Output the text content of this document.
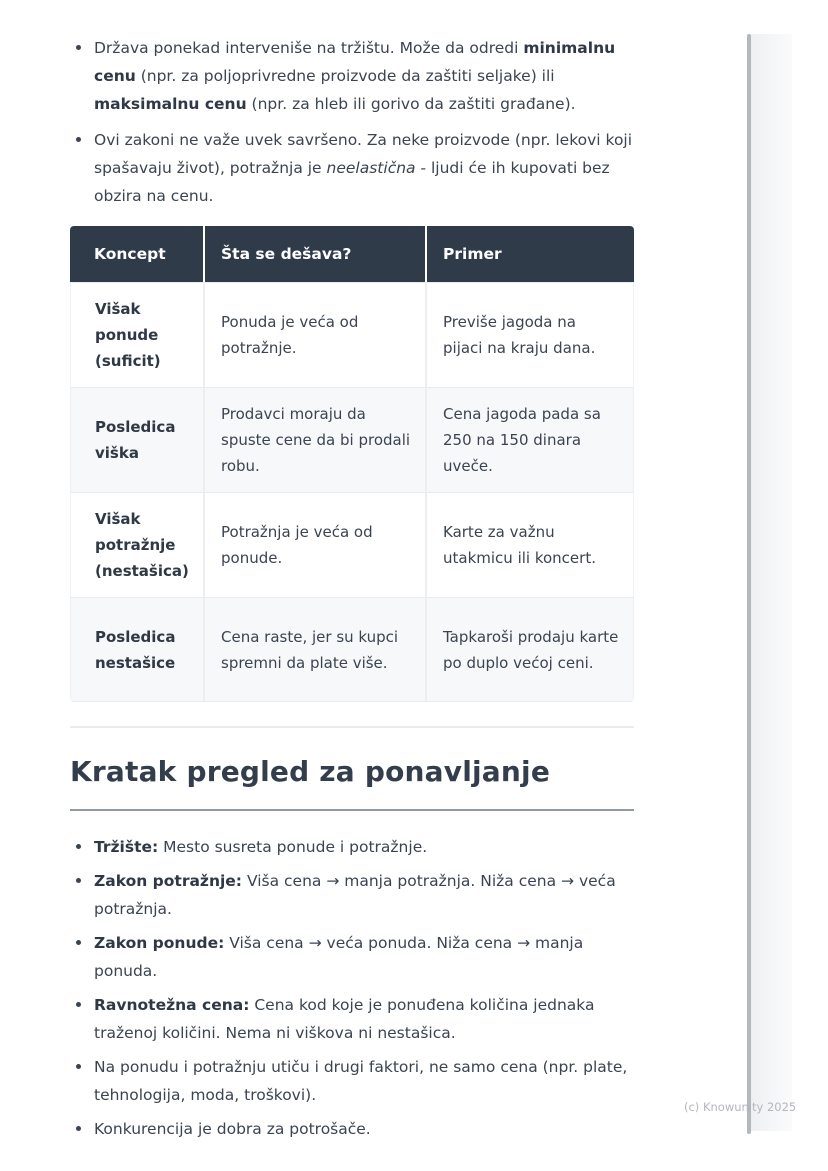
Država ponekad interveniše na tržištu. Može da odredi minimalnu cenu (npr. za poljoprivredne proizvode da zaštiti seljake) ili maksimalnu cenu (npr. za hleb ili gorivo da zaštiti građane).
Ovi zakoni ne važe uvek savršeno. Za neke proizvode (npr. lekovi koji spašavaju život), potražnja je neelastična - ljudi će ih kupovati bez obzira na cenu.
Koncept	Šta se dešava?	Primer
Višak ponude (suficit)	Ponuda je veća od potražnje.	Previše jagoda na pijaci na kraju dana.
Posledica viška	Prodavci moraju da spuste cene da bi prodali robu.	Cena jagoda pada sa 250 na 150 dinara uveče.
Višak potražnje (nestašica)	Potražnja je veća od ponude.	Karte za važnu utakmicu ili koncert.
Posledica nestašice	Cena raste, jer su kupci spremni da plate više.	Tapkaroši prodaju karte po duplo većoj ceni.
Kratak pregled za ponavljanje
Tržište: Mesto susreta ponude i potražnje.
Zakon potražnje: Viša cena → manja potražnja. Niža cena → veća potražnja.
Zakon ponude: Viša cena → veća ponuda. Niža cena → manja ponuda.
Ravnotežna cena: Cena kod koje je ponuđena količina jednaka traženoj količini. Nema ni viškova ni nestašica.
Na ponudu i potražnju utiču i drugi faktori, ne samo cena (npr. plate, tehnologija, moda, troškovi).
Konkurencija je dobra za potrošače.
(c) Knowunity 2025
